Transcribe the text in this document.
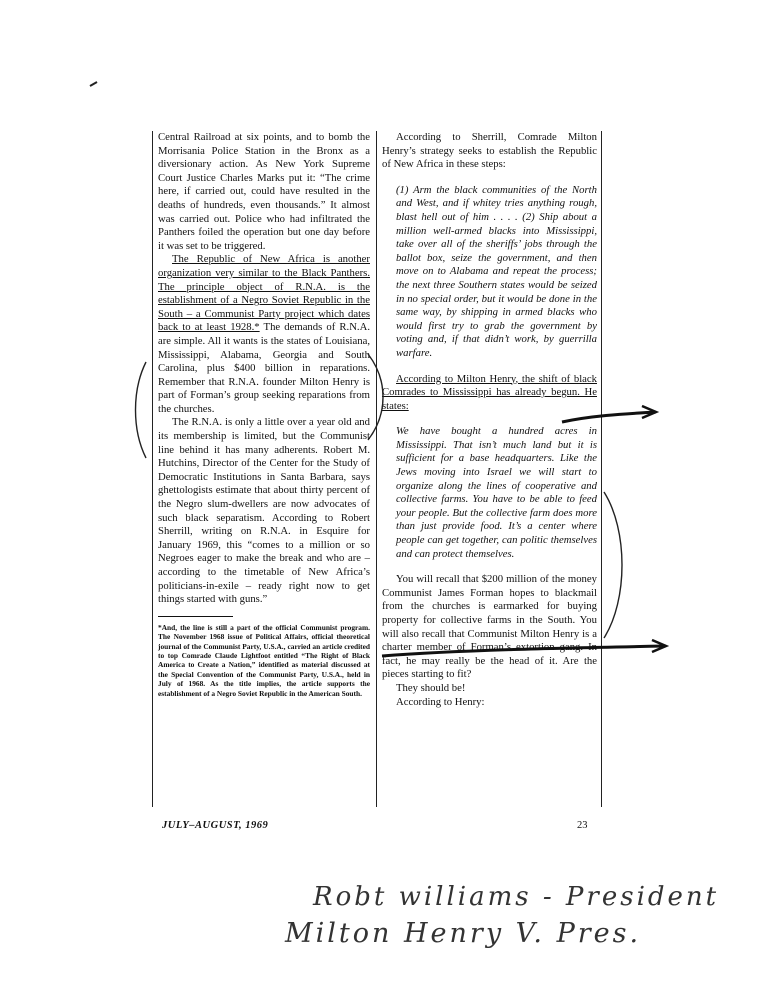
Central Railroad at six points, and to bomb the Morrisania Police Station in the Bronx as a diversionary action. As New York Supreme Court Justice Charles Marks put it: “The crime here, if carried out, could have resulted in the deaths of hundreds, even thousands.” It almost was carried out. Police who had infiltrated the Panthers foiled the operation but one day before it was set to be triggered.

The Republic of New Africa is another organization very similar to the Black Panthers. The principle object of R.N.A. is the establishment of a Negro Soviet Republic in the South – a Communist Party project which dates back to at least 1928.* The demands of R.N.A. are simple. All it wants is the states of Louisiana, Mississippi, Alabama, Georgia and South Carolina, plus $400 billion in reparations. Remember that R.N.A. founder Milton Henry is part of Forman’s group seeking reparations from the churches.

The R.N.A. is only a little over a year old and its membership is limited, but the Communist line behind it has many adherents. Robert M. Hutchins, Director of the Center for the Study of Democratic Institutions in Santa Barbara, says ghettologists estimate that about thirty percent of the Negro slum-dwellers are now advocates of such black separatism. According to Robert Sherrill, writing on R.N.A. in Esquire for January 1969, this “comes to a million or so Negroes eager to make the break and who are – according to the timetable of New Africa’s politicians-in-exile – ready right now to get things started with guns.”

*And, the line is still a part of the official Communist program. The November 1968 issue of Political Affairs, official theoretical journal of the Communist Party, U.S.A., carried an article credited to top Comrade Claude Lightfoot entitled “The Right of Black America to Create a Nation,” identified as material discussed at the Special Convention of the Communist Party, U.S.A., held in July of 1968. As the title implies, the article supports the establishment of a Negro Soviet Republic in the American South.

According to Sherrill, Comrade Milton Henry’s strategy seeks to establish the Republic of New Africa in these steps:

(1) Arm the black communities of the North and West, and if whitey tries anything rough, blast hell out of him . . . . (2) Ship about a million well-armed blacks into Mississippi, take over all of the sheriffs’ jobs through the ballot box, seize the government, and then move on to Alabama and repeat the process; the next three Southern states would be seized in no special order, but it would be done in the same way, by shipping in armed blacks who would first try to grab the government by voting and, if that didn’t work, by guerrilla warfare.

According to Milton Henry, the shift of black Comrades to Mississippi has already begun. He states:

We have bought a hundred acres in Mississippi. That isn’t much land but it is sufficient for a base headquarters. Like the Jews moving into Israel we will start to organize along the lines of cooperative and collective farms. You have to be able to feed your people. But the collective farm does more than just provide food. It’s a center where people can get together, can politic themselves and can protect themselves.

You will recall that $200 million of the money Communist James Forman hopes to blackmail from the churches is earmarked for buying property for collective farms in the South. You will also recall that Communist Milton Henry is a charter member of Forman’s extortion gang. In fact, he may really be the head of it. Are the pieces starting to fit?

They should be!

According to Henry:

JULY–AUGUST, 1969	23
Robt williams - President
Milton Henry V. Pres.
